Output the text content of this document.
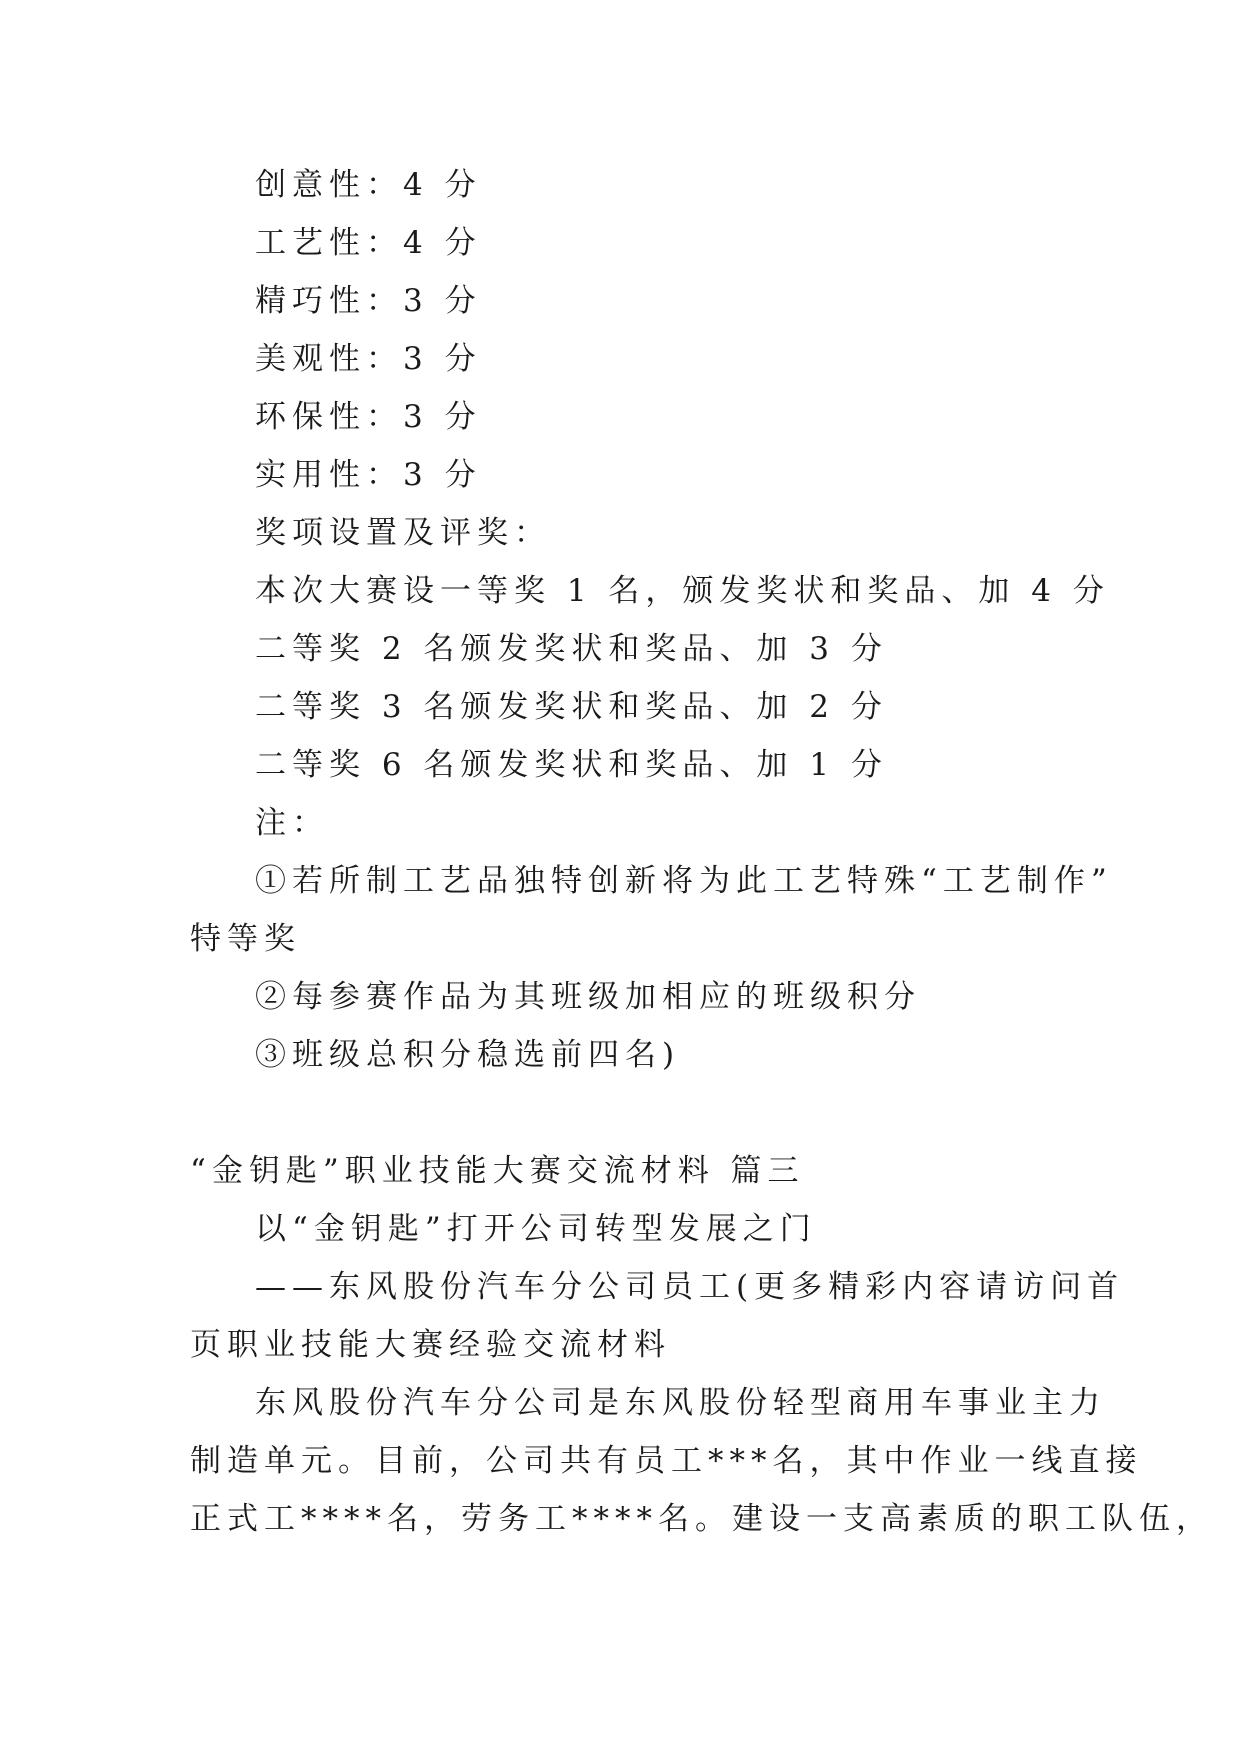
创意性：4 分
工艺性：4 分
精巧性：3 分
美观性：3 分
环保性：3 分
实用性：3 分
奖项设置及评奖：
本次大赛设一等奖 1 名，颁发奖状和奖品、加 4 分
二等奖 2 名颁发奖状和奖品、加 3 分
二等奖 3 名颁发奖状和奖品、加 2 分
二等奖 6 名颁发奖状和奖品、加 1 分
注：
①若所制工艺品独特创新将为此工艺特殊“工艺制作”
特等奖
②每参赛作品为其班级加相应的班级积分
③班级总积分稳选前四名)
“金钥匙”职业技能大赛交流材料 篇三
以“金钥匙”打开公司转型发展之门
——东风股份汽车分公司员工(更多精彩内容请访问首
页职业技能大赛经验交流材料
东风股份汽车分公司是东风股份轻型商用车事业主力
制造单元。目前，公司共有员工***名，其中作业一线直接
正式工****名，劳务工****名。建设一支高素质的职工队伍，
